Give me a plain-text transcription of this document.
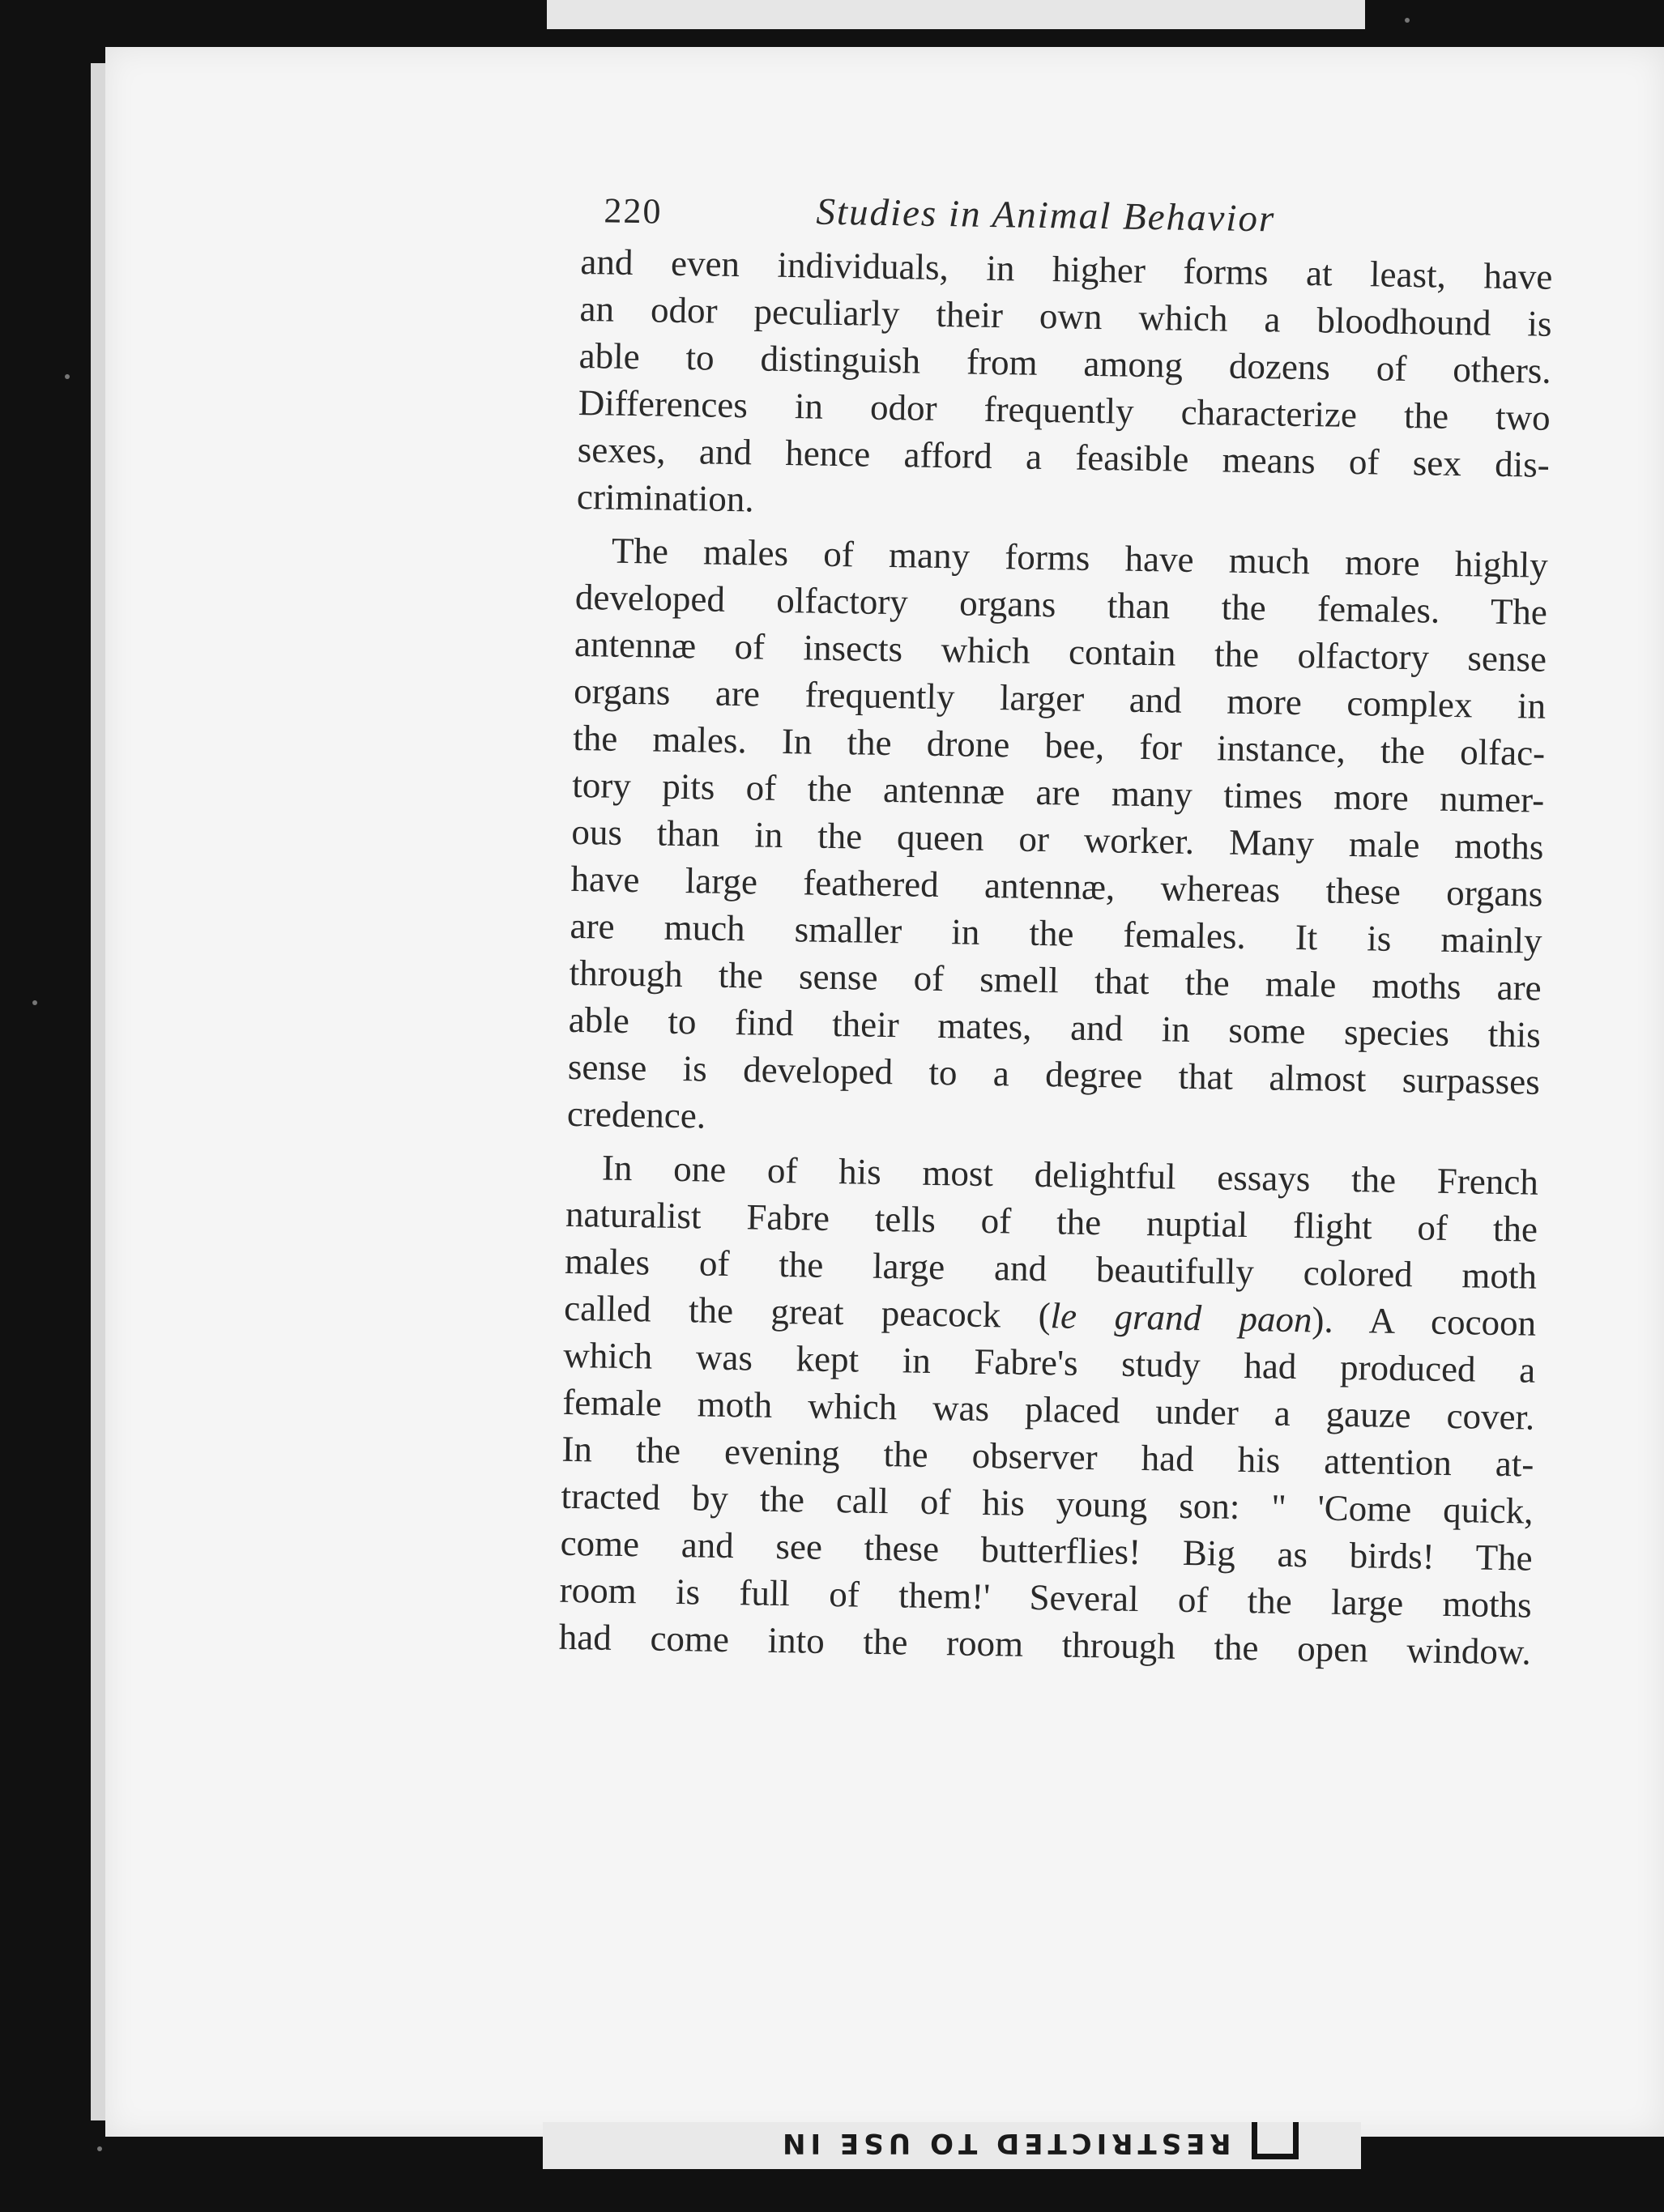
220	Studies in Animal Behavior
and even individuals, in higher forms at least, have
an odor peculiarly their own which a bloodhound is
able to distinguish from among dozens of others.
Differences in odor frequently characterize the two
sexes, and hence afford a feasible means of sex dis-
crimination.
The males of many forms have much more highly
developed olfactory organs than the females. The
antennæ of insects which contain the olfactory sense
organs are frequently larger and more complex in
the males. In the drone bee, for instance, the olfac-
tory pits of the antennæ are many times more numer-
ous than in the queen or worker. Many male moths
have large feathered antennæ, whereas these organs
are much smaller in the females. It is mainly
through the sense of smell that the male moths are
able to find their mates, and in some species this
sense is developed to a degree that almost surpasses
credence.
In one of his most delightful essays the French
naturalist Fabre tells of the nuptial flight of the
males of the large and beautifully colored moth
called the great peacock (le grand paon). A cocoon
which was kept in Fabre's study had produced a
female moth which was placed under a gauze cover.
In the evening the observer had his attention at-
tracted by the call of his young son: " 'Come quick,
come and see these butterflies! Big as birds! The
room is full of them!' Several of the large moths
had come into the room through the open window.
RESTRICTED TO USE IN
